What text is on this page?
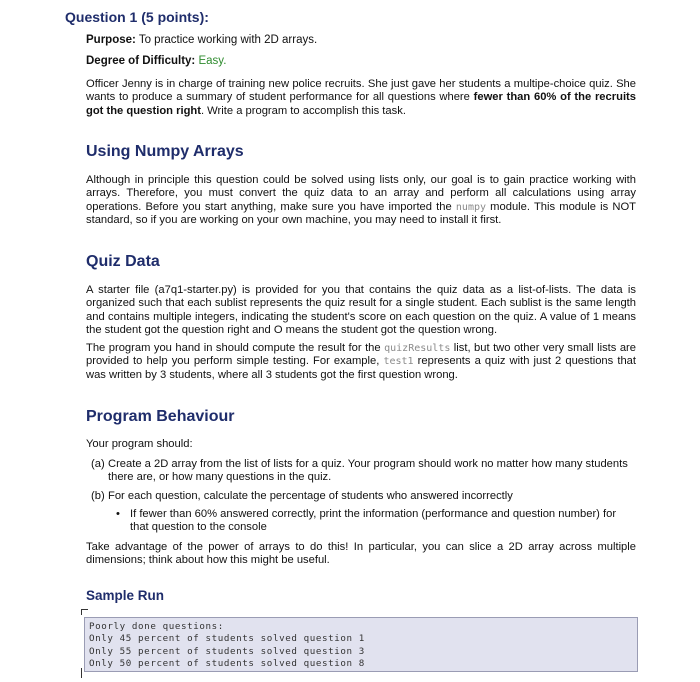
Question 1 (5 points):

Purpose: To practice working with 2D arrays.

Degree of Difficulty: Easy.

Officer Jenny is in charge of training new police recruits. She just gave her students a multipe-choice quiz. She wants to produce a summary of student performance for all questions where fewer than 60% of the recruits got the question right. Write a program to accomplish this task.

Using Numpy Arrays

Although in principle this question could be solved using lists only, our goal is to gain practice working with arrays. Therefore, you must convert the quiz data to an array and perform all calculations using array operations. Before you start anything, make sure you have imported the numpy module. This module is NOT standard, so if you are working on your own machine, you may need to install it first.

Quiz Data

A starter file (a7q1-starter.py) is provided for you that contains the quiz data as a list-of-lists. The data is organized such that each sublist represents the quiz result for a single student. Each sublist is the same length and contains multiple integers, indicating the student's score on each question on the quiz. A value of 1 means the student got the question right and O means the student got the question wrong.

The program you hand in should compute the result for the quizResults list, but two other very small lists are provided to help you perform simple testing. For example, test1 represents a quiz with just 2 questions that was written by 3 students, where all 3 students got the first question wrong.

Program Behaviour

Your program should:

(a) Create a 2D array from the list of lists for a quiz. Your program should work no matter how many students there are, or how many questions in the quiz.
(b) For each question, calculate the percentage of students who answered incorrectly
• If fewer than 60% answered correctly, print the information (performance and question number) for that question to the console

Take advantage of the power of arrays to do this! In particular, you can slice a 2D array across multiple dimensions; think about how this might be useful.

Sample Run
Poorly done questions:
Only 45 percent of students solved question 1
Only 55 percent of students solved question 3
Only 50 percent of students solved question 8
